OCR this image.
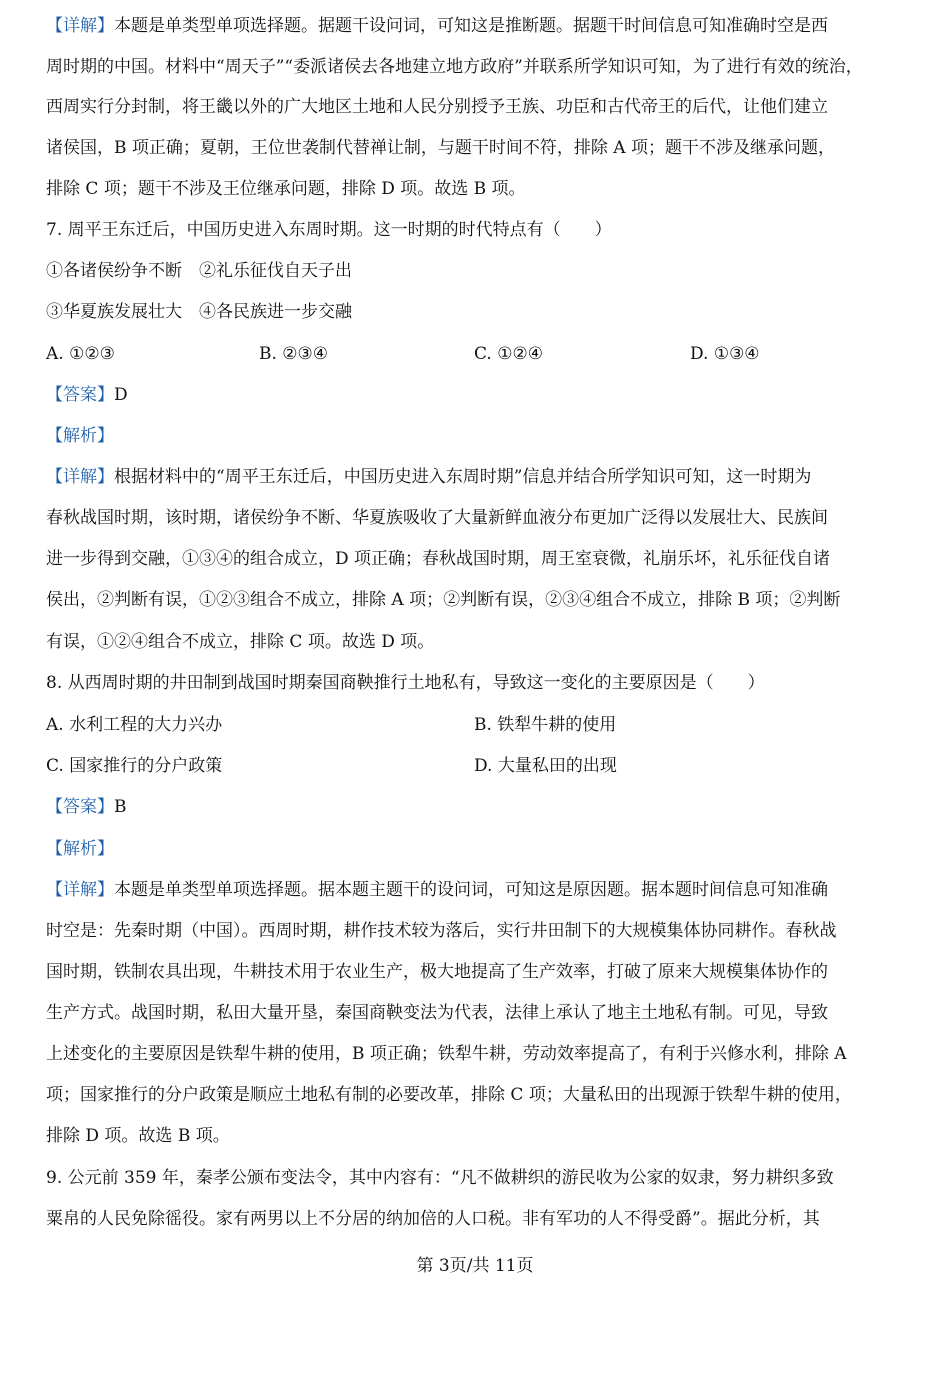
【详解】本题是单类型单项选择题。据题干设问词，可知这是推断题。据题干时间信息可知准确时空是西
周时期的中国。材料中“周天子”“委派诸侯去各地建立地方政府”并联系所学知识可知，为了进行有效的统治，
西周实行分封制，将王畿以外的广大地区土地和人民分别授予王族、功臣和古代帝王的后代，让他们建立
诸侯国，B 项正确；夏朝，王位世袭制代替禅让制，与题干时间不符，排除 A 项；题干不涉及继承问题，
排除 C 项；题干不涉及王位继承问题，排除 D 项。故选 B 项。
7. 周平王东迁后，中国历史进入东周时期。这一时期的时代特点有（　　）
①各诸侯纷争不断　②礼乐征伐自天子出
③华夏族发展壮大　④各民族进一步交融
A. ①②③	B. ②③④	C. ①②④	D. ①③④
【答案】D
【解析】
【详解】根据材料中的“周平王东迁后，中国历史进入东周时期”信息并结合所学知识可知，这一时期为
春秋战国时期，该时期，诸侯纷争不断、华夏族吸收了大量新鲜血液分布更加广泛得以发展壮大、民族间
进一步得到交融，①③④的组合成立，D 项正确；春秋战国时期，周王室衰微，礼崩乐坏，礼乐征伐自诸
侯出，②判断有误，①②③组合不成立，排除 A 项；②判断有误，②③④组合不成立，排除 B 项；②判断
有误，①②④组合不成立，排除 C 项。故选 D 项。
8. 从西周时期的井田制到战国时期秦国商鞅推行土地私有，导致这一变化的主要原因是（　　）
A. 水利工程的大力兴办	B. 铁犁牛耕的使用
C. 国家推行的分户政策	D. 大量私田的出现
【答案】B
【解析】
【详解】本题是单类型单项选择题。据本题主题干的设问词，可知这是原因题。据本题时间信息可知准确
时空是：先秦时期（中国）。西周时期，耕作技术较为落后，实行井田制下的大规模集体协同耕作。春秋战
国时期，铁制农具出现，牛耕技术用于农业生产，极大地提高了生产效率，打破了原来大规模集体协作的
生产方式。战国时期，私田大量开垦，秦国商鞅变法为代表，法律上承认了地主土地私有制。可见，导致
上述变化的主要原因是铁犁牛耕的使用，B 项正确；铁犁牛耕，劳动效率提高了，有利于兴修水利，排除 A
项；国家推行的分户政策是顺应土地私有制的必要改革，排除 C 项；大量私田的出现源于铁犁牛耕的使用，
排除 D 项。故选 B 项。
9. 公元前 359 年，秦孝公颁布变法令，其中内容有：“凡不做耕织的游民收为公家的奴隶，努力耕织多致
粟帛的人民免除徭役。家有两男以上不分居的纳加倍的人口税。非有军功的人不得受爵”。据此分析，其
第 3页/共 11页
